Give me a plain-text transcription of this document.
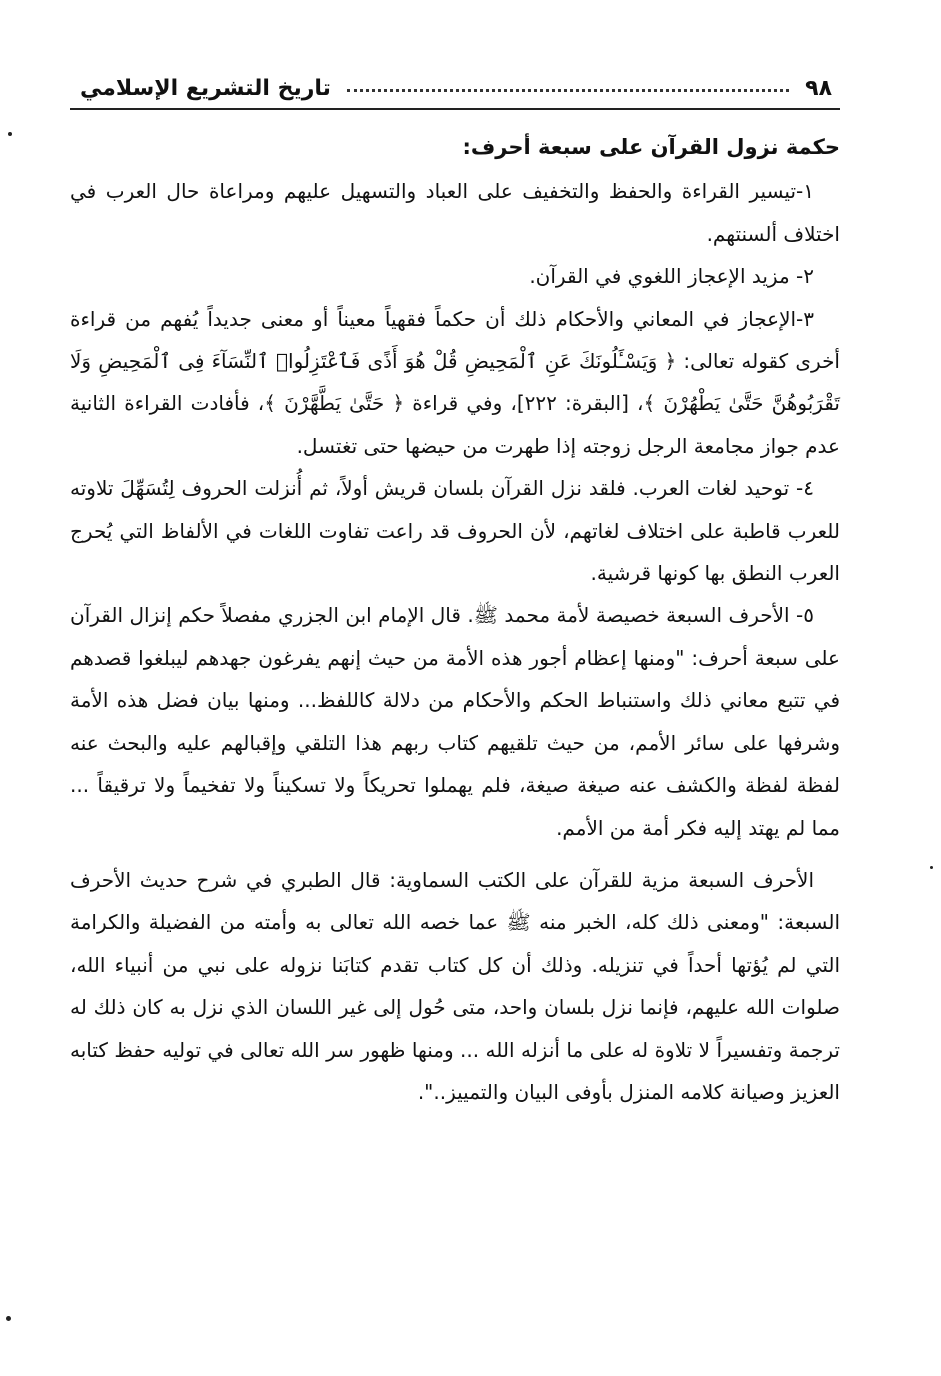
٩٨
تاريخ التشريع الإسلامي

حكمة نزول القرآن على سبعة أحرف:

١-تيسير القراءة والحفظ والتخفيف على العباد والتسهيل عليهم ومراعاة حال العرب في اختلاف ألسنتهم.

٢- مزيد الإعجاز اللغوي في القرآن.

٣-الإعجاز في المعاني والأحكام ذلك أن حكماً فقهياً معيناً أو معنى جديداً يُفهم من قراءة أخرى كقوله تعالى: ﴿ وَيَسْـَٔلُونَكَ عَنِ ٱلْمَحِيضِ قُلْ هُوَ أَذًى فَٱعْتَزِلُوا۟ ٱلنِّسَآءَ فِى ٱلْمَحِيضِ وَلَا تَقْرَبُوهُنَّ حَتَّىٰ يَطْهُرْنَ ﴾، [البقرة: ٢٢٢]، وفي قراءة ﴿ حَتَّىٰ يَطَّهَّرْنَ ﴾، فأفادت القراءة الثانية عدم جواز مجامعة الرجل زوجته إذا طهرت من حيضها حتى تغتسل.

٤- توحيد لغات العرب. فلقد نزل القرآن بلسان قريش أولاً، ثم أُنزلت الحروف لِتُسَهِّلَ تلاوته للعرب قاطبة على اختلاف لغاتهم، لأن الحروف قد راعت تفاوت اللغات في الألفاظ التي يُحرج العرب النطق بها كونها قرشية.

٥- الأحرف السبعة خصيصة لأمة محمد ﷺ. قال الإمام ابن الجزري مفصلاً حكم إنزال القرآن على سبعة أحرف: "ومنها إعظام أجور هذه الأمة من حيث إنهم يفرغون جهدهم ليبلغوا قصدهم في تتبع معاني ذلك واستنباط الحكم والأحكام من دلالة كاللفظ... ومنها بيان فضل هذه الأمة وشرفها على سائر الأمم، من حيث تلقيهم كتاب ربهم هذا التلقي وإقبالهم عليه والبحث عنه لفظة لفظة والكشف عنه صيغة صيغة، فلم يهملوا تحريكاً ولا تسكيناً ولا تفخيماً ولا ترقيقاً ... مما لم يهتد إليه فكر أمة من الأمم.

الأحرف السبعة مزية للقرآن على الكتب السماوية: قال الطبري في شرح حديث الأحرف السبعة: "ومعنى ذلك كله، الخبر منه ﷺ عما خصه الله تعالى به وأمته من الفضيلة والكرامة التي لم يُؤتها أحداً في تنزيله. وذلك أن كل كتاب تقدم كتابَنا نزوله على نبي من أنبياء الله، صلوات الله عليهم، فإنما نزل بلسان واحد، متى حُول إلى غير اللسان الذي نزل به كان ذلك له ترجمة وتفسيراً لا تلاوة له على ما أنزله الله ... ومنها ظهور سر الله تعالى في توليه حفظ كتابه العزيز وصيانة كلامه المنزل بأوفى البيان والتمييز..".
